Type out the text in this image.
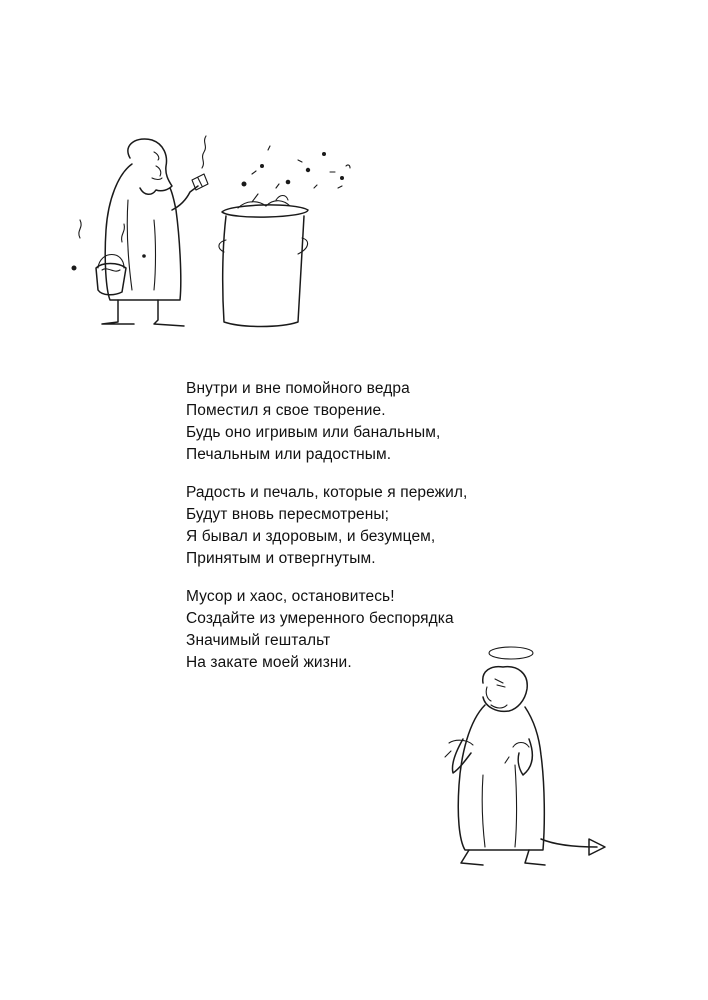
Внутри и вне помойного ведра
Поместил я свое творение.
Будь оно игривым или банальным,
Печальным или радостным.
Радость и печаль, которые я пережил,
Будут вновь пересмотрены;
Я бывал и здоровым, и безумцем,
Принятым и отвергнутым.
Мусор и хаос, остановитесь!
Создайте из умеренного беспорядка
Значимый гештальт
На закате моей жизни.
